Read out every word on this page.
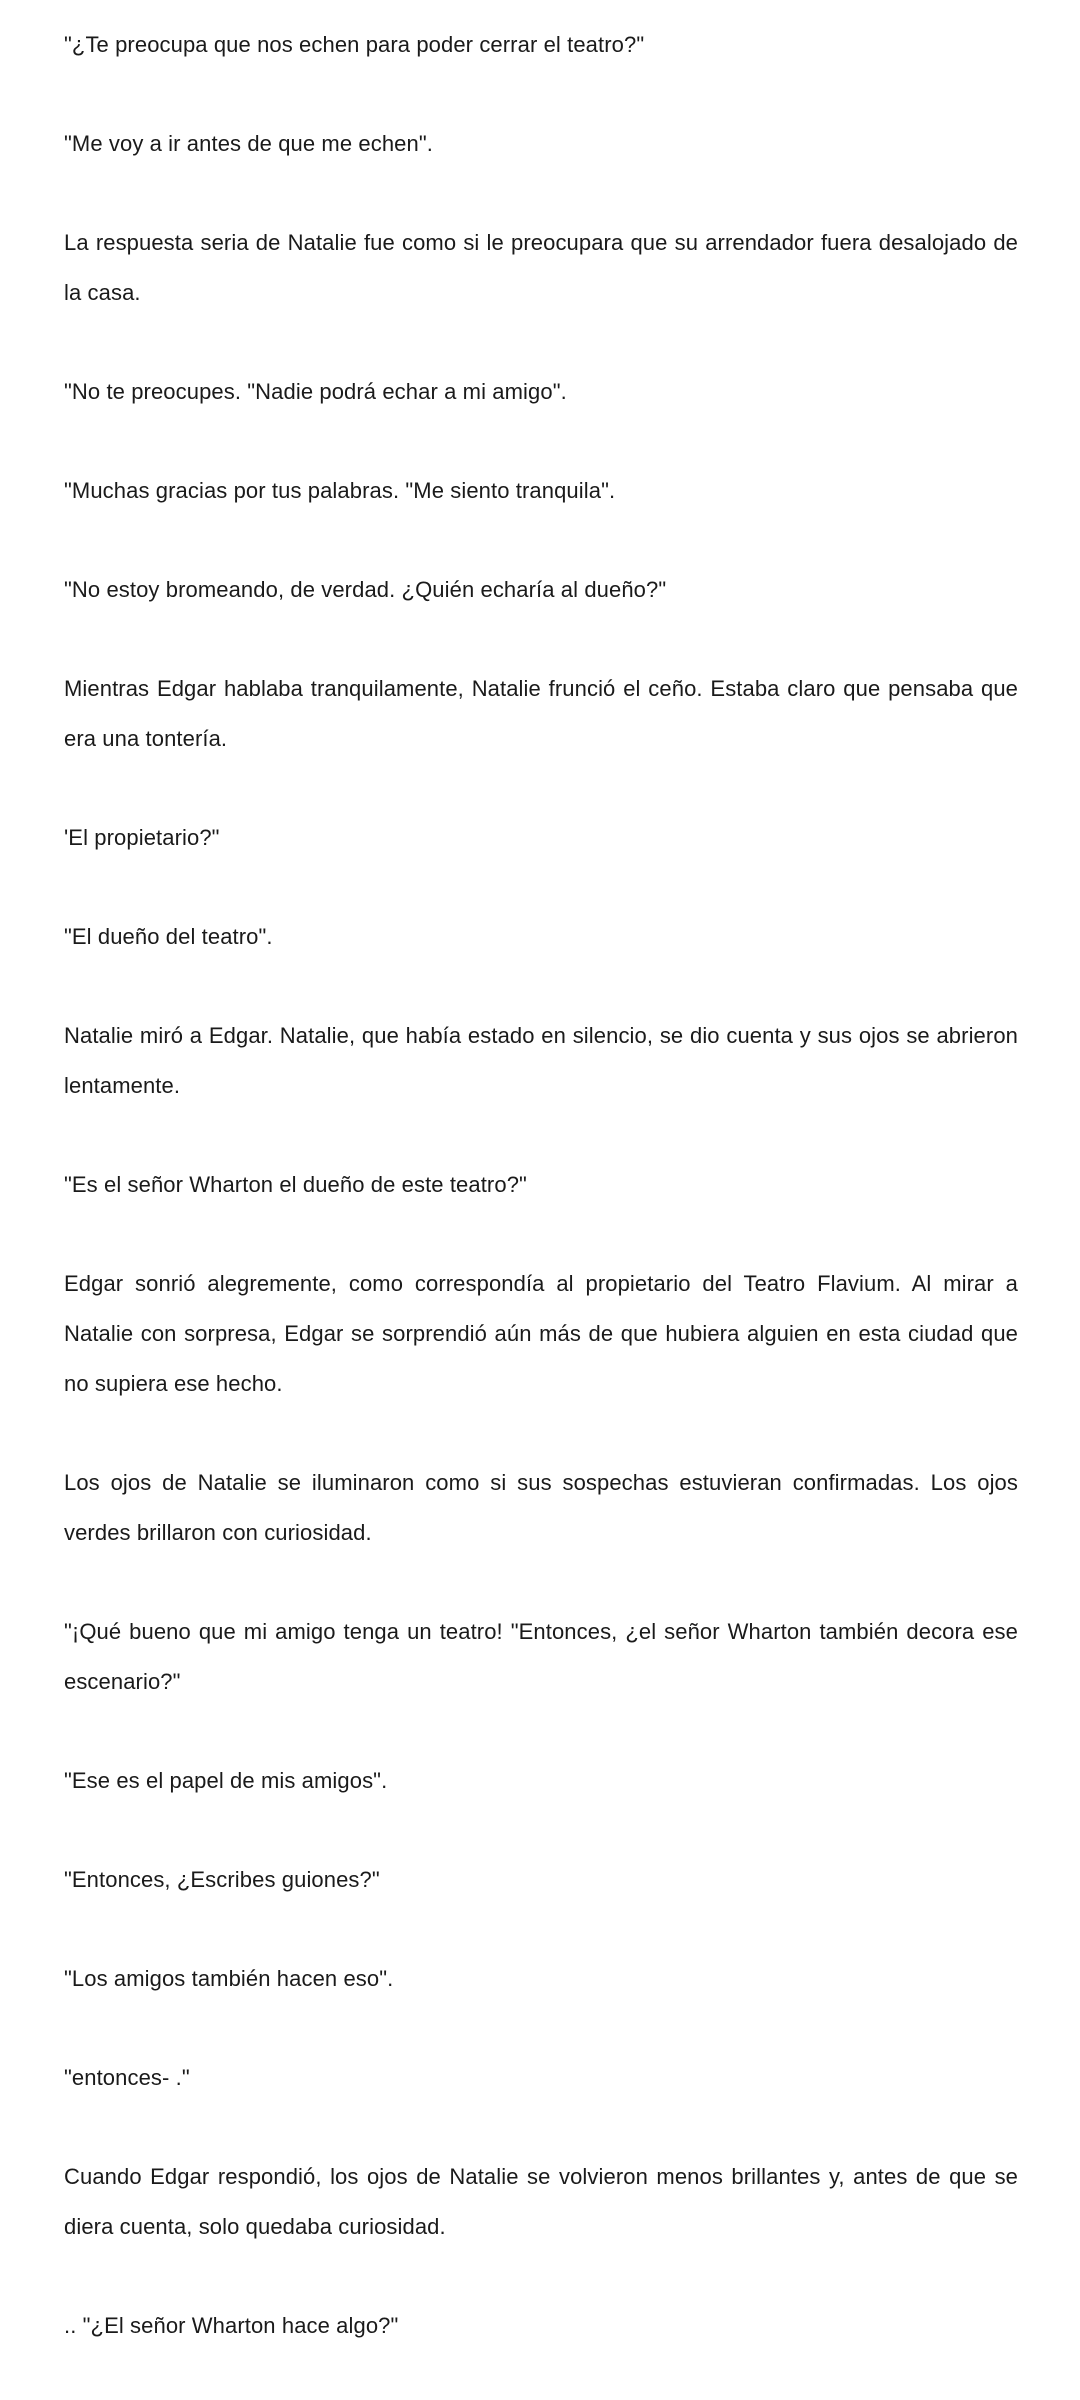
"¿Te preocupa que nos echen para poder cerrar el teatro?"

"Me voy a ir antes de que me echen".

La respuesta seria de Natalie fue como si le preocupara que su arrendador fuera desalojado de la casa.

"No te preocupes. "Nadie podrá echar a mi amigo".

"Muchas gracias por tus palabras. "Me siento tranquila".

"No estoy bromeando, de verdad. ¿Quién echaría al dueño?"

Mientras Edgar hablaba tranquilamente, Natalie frunció el ceño. Estaba claro que pensaba que era una tontería.

'El propietario?"

"El dueño del teatro".

Natalie miró a Edgar. Natalie, que había estado en silencio, se dio cuenta y sus ojos se abrieron lentamente.

"Es el señor Wharton el dueño de este teatro?"

Edgar sonrió alegremente, como correspondía al propietario del Teatro Flavium. Al mirar a Natalie con sorpresa, Edgar se sorprendió aún más de que hubiera alguien en esta ciudad que no supiera ese hecho.

Los ojos de Natalie se iluminaron como si sus sospechas estuvieran confirmadas. Los ojos verdes brillaron con curiosidad.

"¡Qué bueno que mi amigo tenga un teatro! "Entonces, ¿el señor Wharton también decora ese escenario?"

"Ese es el papel de mis amigos".

"Entonces, ¿Escribes guiones?"

"Los amigos también hacen eso".

"entonces- ."

Cuando Edgar respondió, los ojos de Natalie se volvieron menos brillantes y, antes de que se diera cuenta, solo quedaba curiosidad.

.. "¿El señor Wharton hace algo?"
